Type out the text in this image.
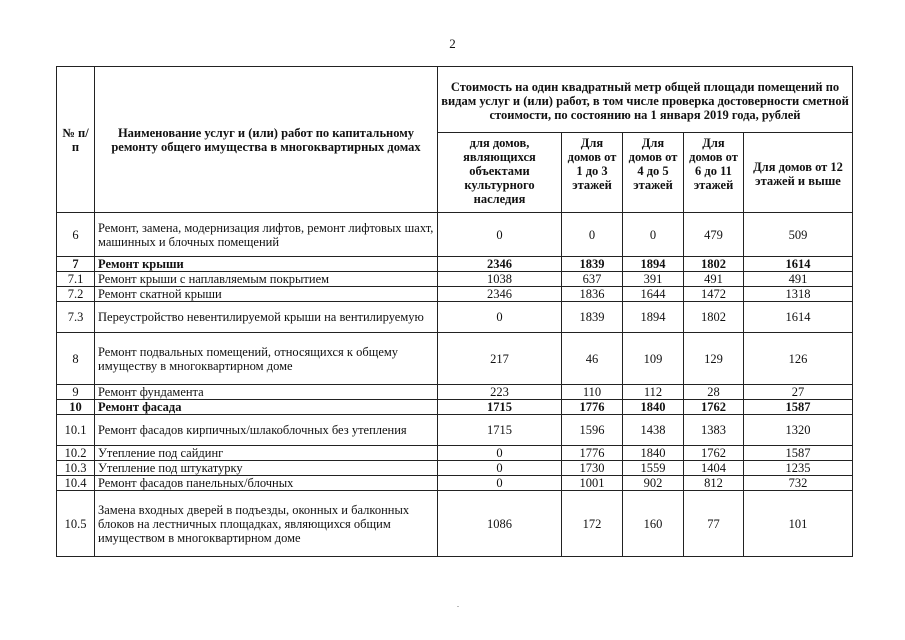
2
№ п/п	Наименование услуг и (или) работ по капитальному ремонту общего имущества в многоквартирных домах	Стоимость на один квадратный метр общей площади помещений по видам услуг и (или) работ, в том числе проверка достоверности сметной стоимости, по состоянию на 1 января 2019 года, рублей				
		для домов, являющихся объектами культурного наследия	Для домов от 1 до 3 этажей	Для домов от 4 до 5 этажей	Для домов от 6 до 11 этажей	Для домов от 12 этажей и выше
6	Ремонт, замена, модернизация лифтов, ремонт лифтовых шахт, машинных и блочных помещений	0	0	0	479	509
7	Ремонт крыши	2346	1839	1894	1802	1614
7.1	Ремонт крыши с наплавляемым покрытием	1038	637	391	491	491
7.2	Ремонт скатной крыши	2346	1836	1644	1472	1318
7.3	Переустройство невентилируемой крыши на вентилируемую	0	1839	1894	1802	1614
8	Ремонт подвальных помещений, относящихся к общему имуществу в многоквартирном доме	217	46	109	129	126
9	Ремонт фундамента	223	110	112	28	27
10	Ремонт фасада	1715	1776	1840	1762	1587
10.1	Ремонт фасадов кирпичных/шлакоблочных без утепления	1715	1596	1438	1383	1320
10.2	Утепление под сайдинг	0	1776	1840	1762	1587
10.3	Утепление под штукатурку	0	1730	1559	1404	1235
10.4	Ремонт фасадов панельных/блочных	0	1001	902	812	732
10.5	Замена входных дверей в подъезды, оконных и балконных блоков на лестничных площадках, являющихся общим имуществом в многоквартирном доме	1086	172	160	77	101
